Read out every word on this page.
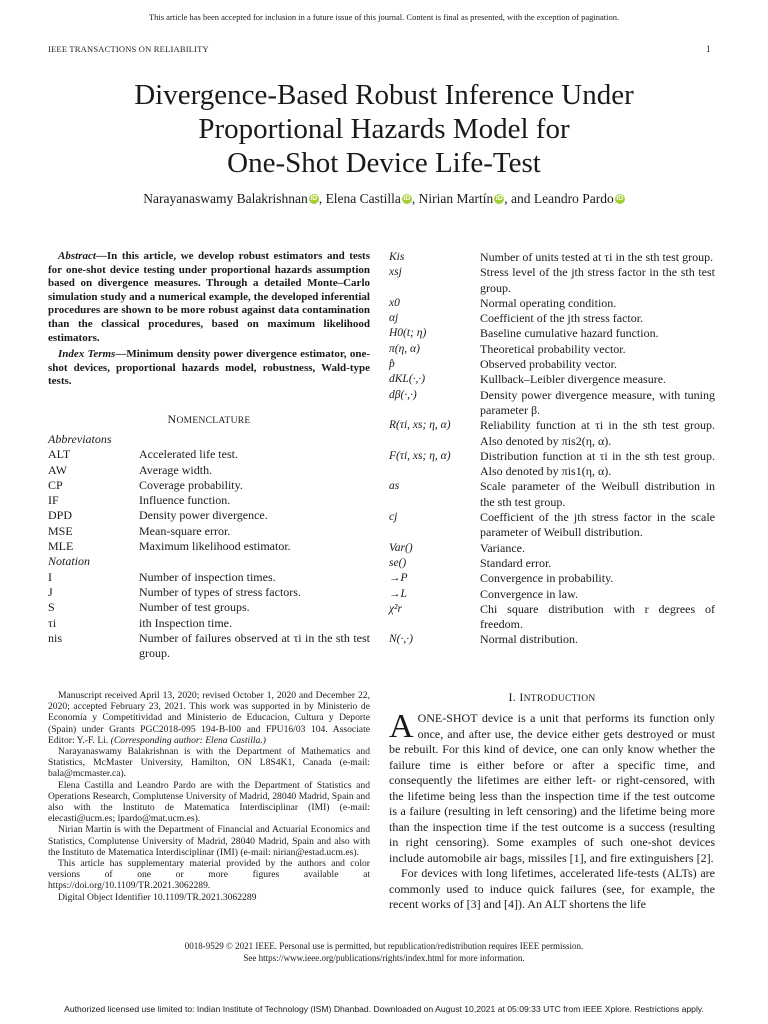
This article has been accepted for inclusion in a future issue of this journal. Content is final as presented, with the exception of pagination.
IEEE TRANSACTIONS ON RELIABILITY	1
Divergence-Based Robust Inference Under
Proportional Hazards Model for
One-Shot Device Life-Test
Narayanaswamy Balakrishnan iD , Elena Castilla iD , Nirian Martín iD , and Leandro Pardo iD
Abstract—In this article, we develop robust estimators and tests for one-shot device testing under proportional hazards assumption based on divergence measures. Through a detailed Monte–Carlo simulation study and a numerical example, the developed inferential procedures are shown to be more robust against data contamination than the classical procedures, based on maximum likelihood estimators.
Index Terms—Minimum density power divergence estimator, one-shot devices, proportional hazards model, robustness, Wald-type tests.
NOMENCLATURE
Abbreviatons
ALT	Accelerated life test.
AW	Average width.
CP	Coverage probability.
IF	Influence function.
DPD	Density power divergence.
MSE	Mean-square error.
MLE	Maximum likelihood estimator.
Notation
I	Number of inspection times.
J	Number of types of stress factors.
S	Number of test groups.
τi	ith Inspection time.
nis	Number of failures observed at τi in the sth test group.
Kis	Number of units tested at τi in the sth test group.
xsj	Stress level of the jth stress factor in the sth test group.
x0	Normal operating condition.
αj	Coefficient of the jth stress factor.
H0(t; η)	Baseline cumulative hazard function.
π(η, α)	Theoretical probability vector.
p̂	Observed probability vector.
dKL(·,·)	Kullback–Leibler divergence measure.
dβ(·,·)	Density power divergence measure, with tuning parameter β.
R(τi, xs; η, α)	Reliability function at τi in the sth test group. Also denoted by πis2(η, α).
F(τi, xs; η, α)	Distribution function at τi in the sth test group. Also denoted by πis1(η, α).
as	Scale parameter of the Weibull distribution in the sth test group.
cj	Coefficient of the jth stress factor in the scale parameter of Weibull distribution.
Var()	Variance.
se()	Standard error.
→P	Convergence in probability.
→L	Convergence in law.
χ²r	Chi square distribution with r degrees of freedom.
N(·,·)	Normal distribution.

Manuscript received April 13, 2020; revised October 1, 2020 and December 22, 2020; accepted February 23, 2021. This work was supported in by Ministerio de Economía y Competitividad and Ministerio de Educacion, Cultura y Deporte (Spain) under Grants PGC2018-095 194-B-I00 and FPU16/03 104. Associate Editor: Y.-F. Li. (Corresponding author: Elena Castilla.)

Narayanaswamy Balakrishnan is with the Department of Mathematics and Statistics, McMaster University, Hamilton, ON L8S4K1, Canada (e-mail: bala@mcmaster.ca).

Elena Castilla and Leandro Pardo are with the Department of Statistics and Operations Research, Complutense University of Madrid, 28040 Madrid, Spain and also with the Instituto de Matematica Interdisciplinar (IMI) (e-mail: elecasti@ucm.es; lpardo@mat.ucm.es).

Nirian Martín is with the Department of Financial and Actuarial Economics and Statistics, Complutense University of Madrid, 28040 Madrid, Spain and also with the Instituto de Matematica Interdisciplinar (IMI) (e-mail: nirian@estad.ucm.es).

This article has supplementary material provided by the authors and color versions of one or more figures available at https://doi.org/10.1109/TR.2021.3062289.

Digital Object Identifier 10.1109/TR.2021.3062289

I. INTRODUCTION

AONE-SHOT device is a unit that performs its function only once, and after use, the device either gets destroyed or must be rebuilt. For this kind of device, one can only know whether the failure time is either before or after a specific time, and consequently the lifetimes are either left- or right-censored, with the lifetime being less than the inspection time if the test outcome is a failure (resulting in left censoring) and the lifetime being more than the inspection time if the test outcome is a success (resulting in right censoring). Some examples of such one-shot devices include automobile air bags, missiles [1], and fire extinguishers [2].

For devices with long lifetimes, accelerated life-tests (ALTs) are commonly used to induce quick failures (see, for example, the recent works of [3] and [4]). An ALT shortens the life

0018-9529 © 2021 IEEE. Personal use is permitted, but republication/redistribution requires IEEE permission.
See https://www.ieee.org/publications/rights/index.html for more information.
Authorized licensed use limited to: Indian Institute of Technology (ISM) Dhanbad. Downloaded on August 10,2021 at 05:09:33 UTC from IEEE Xplore. Restrictions apply.
